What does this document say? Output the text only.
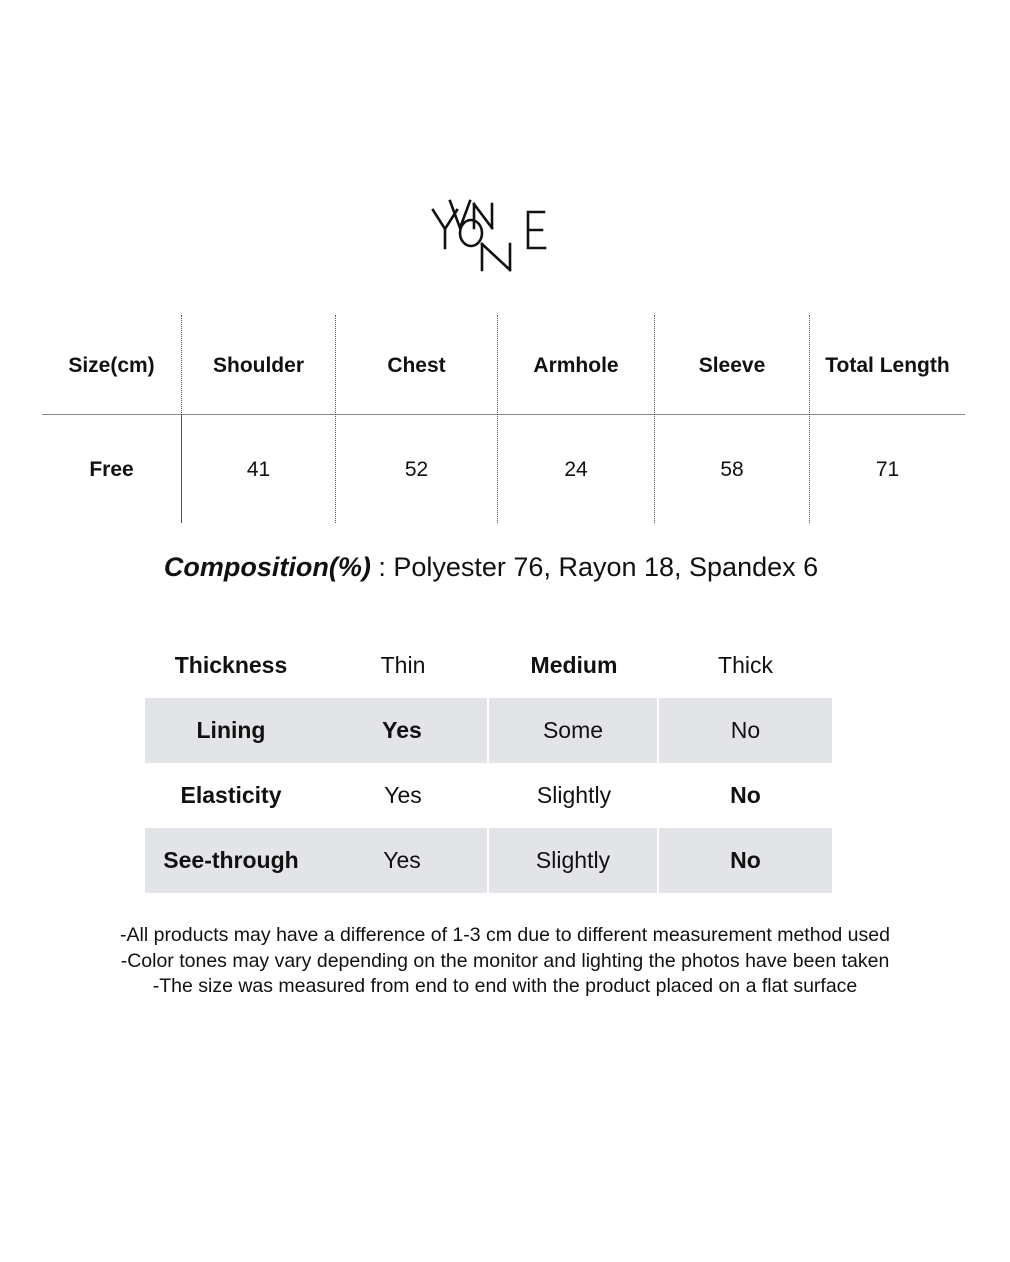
Size(cm)	Shoulder	Chest	Armhole	Sleeve	Total Length
Free	41	52	24	58	71
Composition(%) : Polyester 76, Rayon 18, Spandex 6
Thickness	Thin	Medium	Thick
Lining	Yes	Some	No
Elasticity	Yes	Slightly	No
See-through	Yes	Slightly	No
-All products may have a difference of 1-3 cm due to different measurement method used
-Color tones may vary depending on the monitor and lighting the photos have been taken
-The size was measured from end to end with the product placed on a flat surface
